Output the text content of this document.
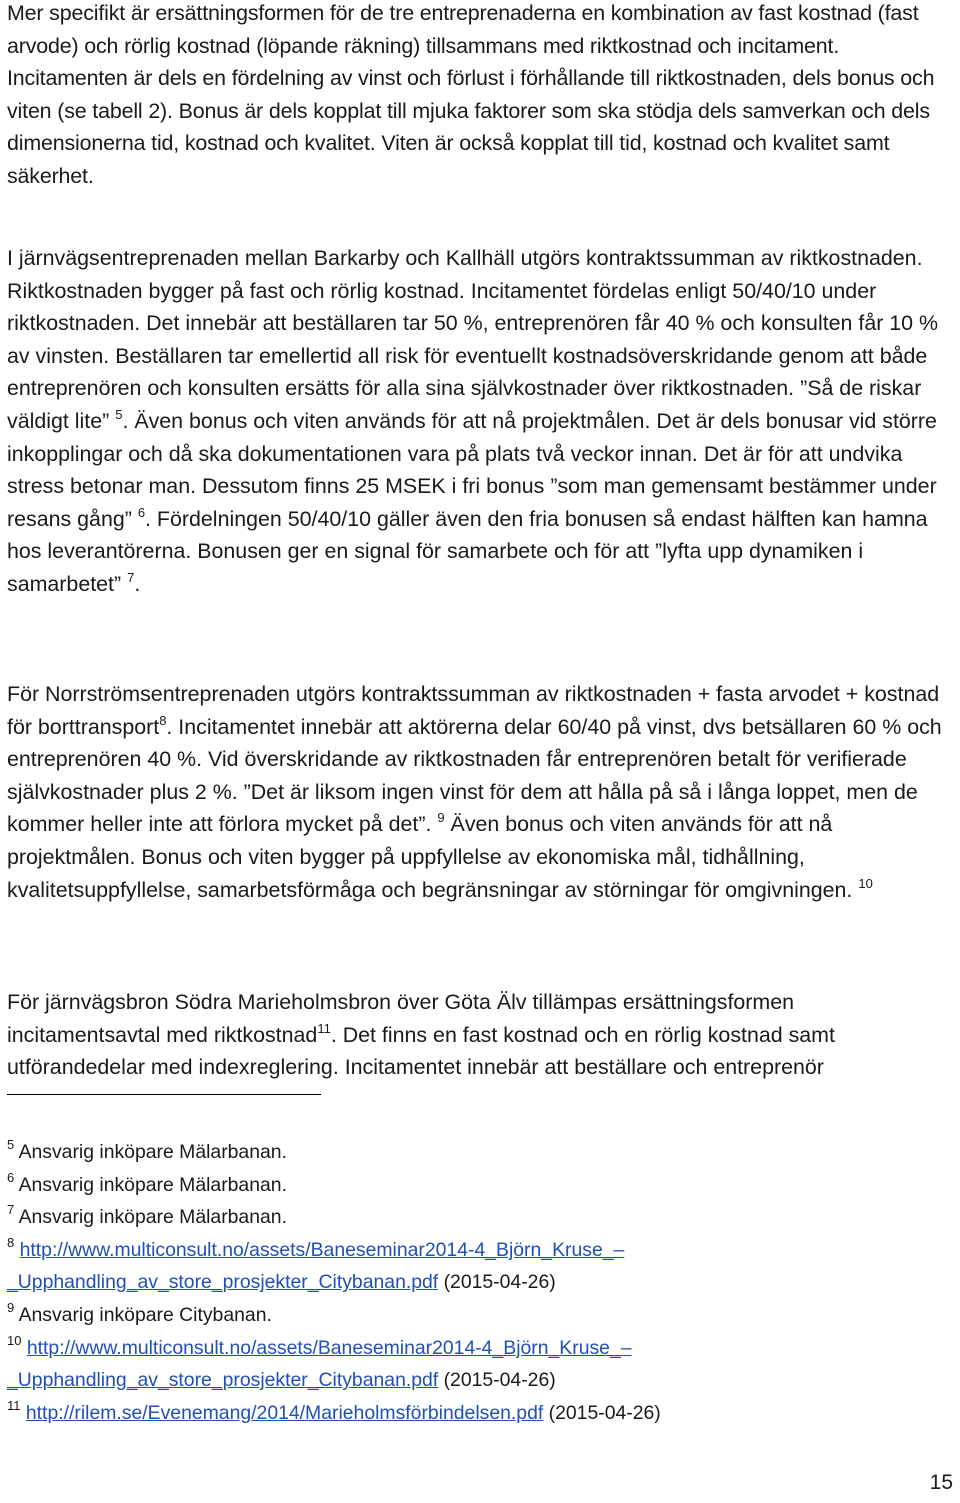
Mer specifikt är ersättningsformen för de tre entreprenaderna en kombination av fast kostnad (fast arvode) och rörlig kostnad (löpande räkning) tillsammans med riktkostnad och incitament. Incitamenten är dels en fördelning av vinst och förlust i förhållande till riktkostnaden, dels bonus och viten (se tabell 2). Bonus är dels kopplat till mjuka faktorer som ska stödja dels samverkan och dels dimensionerna tid, kostnad och kvalitet. Viten är också kopplat till tid, kostnad och kvalitet samt säkerhet.

I järnvägsentreprenaden mellan Barkarby och Kallhäll utgörs kontraktssumman av riktkostnaden. Riktkostnaden bygger på fast och rörlig kostnad. Incitamentet fördelas enligt 50/40/10 under riktkostnaden. Det innebär att beställaren tar 50 %, entreprenören får 40 % och konsulten får 10 % av vinsten. Beställaren tar emellertid all risk för eventuellt kostnadsöverskridande genom att både entreprenören och konsulten ersätts för alla sina självkostnader över riktkostnaden. ”Så de riskar väldigt lite” $^5$. Även bonus och viten används för att nå projektmålen. Det är dels bonusar vid större inkopplingar och då ska dokumentationen vara på plats två veckor innan. Det är för att undvika stress betonar man. Dessutom finns 25 MSEK i fri bonus ”som man gemensamt bestämmer under resans gång” $^6$. Fördelningen 50/40/10 gäller även den fria bonusen så endast hälften kan hamna hos leverantörerna. Bonusen ger en signal för samarbete och för att ”lyfta upp dynamiken i samarbetet” $^7$.

För Norrströmsentreprenaden utgörs kontraktssumman av riktkostnaden + fasta arvodet + kostnad för borttransport$^8$. Incitamentet innebär att aktörerna delar 60/40 på vinst, dvs betsällaren 60 % och entreprenören 40 %. Vid överskridande av riktkostnaden får entreprenören betalt för verifierade självkostnader plus 2 %. ”Det är liksom ingen vinst för dem att hålla på så i långa loppet, men de kommer heller inte att förlora mycket på det”. $^9$ Även bonus och viten används för att nå projektmålen. Bonus och viten bygger på uppfyllelse av ekonomiska mål, tidhållning, kvalitetsuppfyllelse, samarbetsförmåga och begränsningar av störningar för omgivningen. $^{10}$

För järnvägsbron Södra Marieholmsbron över Göta Älv tillämpas ersättningsformen incitamentsavtal med riktkostnad$^{11}$. Det finns en fast kostnad och en rörlig kostnad samt utförandedelar med indexreglering. Incitamentet innebär att beställare och entreprenör

$^5$ Ansvarig inköpare Mälarbanan.

$^6$ Ansvarig inköpare Mälarbanan.

$^7$ Ansvarig inköpare Mälarbanan.

$^8$ http://www.multiconsult.no/assets/Baneseminar2014-4_Björn_Kruse_–_Upphandling_av_store_prosjekter_Citybanan.pdf (2015-04-26)

$^9$ Ansvarig inköpare Citybanan.

$^{10}$ http://www.multiconsult.no/assets/Baneseminar2014-4_Björn_Kruse_–_Upphandling_av_store_prosjekter_Citybanan.pdf (2015-04-26)

$^{11}$ http://rilem.se/Evenemang/2014/Marieholmsförbindelsen.pdf (2015-04-26)

15
